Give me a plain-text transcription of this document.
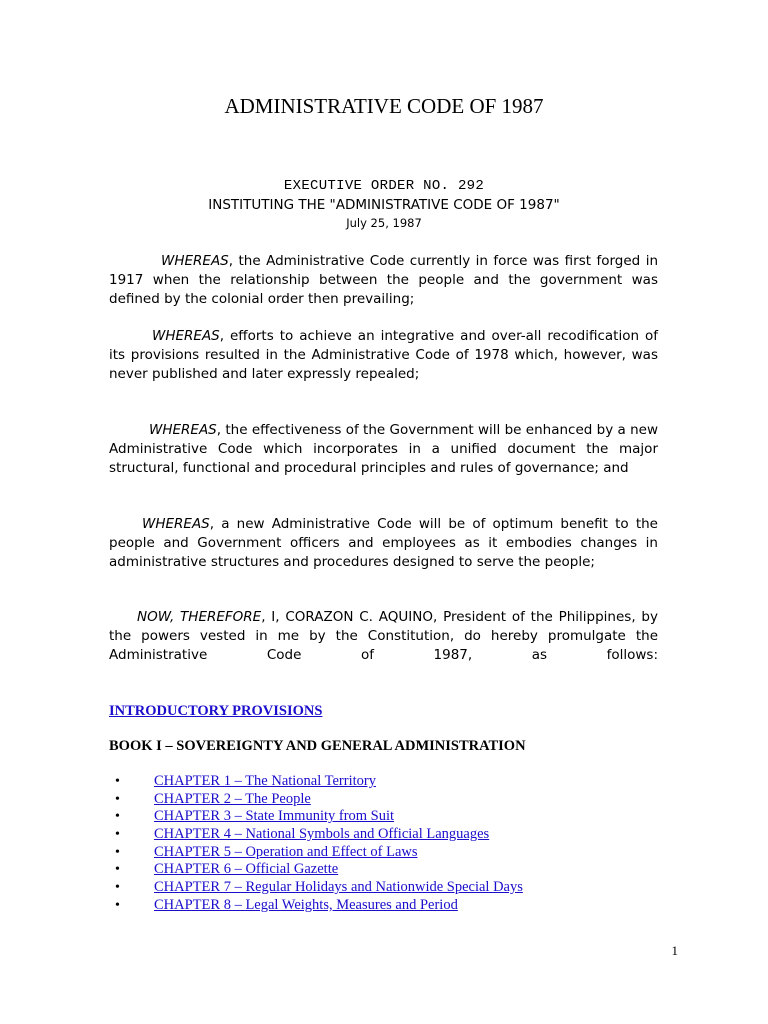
ADMINISTRATIVE CODE OF 1987
EXECUTIVE ORDER NO. 292
INSTITUTING THE "ADMINISTRATIVE CODE OF 1987"
July 25, 1987

WHEREAS, the Administrative Code currently in force was first forged in 1917 when the relationship between the people and the government was defined by the colonial order then prevailing;

WHEREAS, efforts to achieve an integrative and over-all recodification of its provisions resulted in the Administrative Code of 1978 which, however, was never published and later expressly repealed;

WHEREAS, the effectiveness of the Government will be enhanced by a new Administrative Code which incorporates in a unified document the major structural, functional and procedural principles and rules of governance; and

WHEREAS, a new Administrative Code will be of optimum benefit to the people and Government officers and employees as it embodies changes in administrative structures and procedures designed to serve the people;

NOW, THEREFORE, I, CORAZON C. AQUINO, President of the Philippines, by the powers vested in me by the Constitution, do hereby promulgate the Administrative Code of 1987, as follows:

INTRODUCTORY PROVISIONS
BOOK I – SOVEREIGNTY AND GENERAL ADMINISTRATION
• CHAPTER 1 – The National Territory
• CHAPTER 2 – The People
• CHAPTER 3 – State Immunity from Suit
• CHAPTER 4 – National Symbols and Official Languages
• CHAPTER 5 – Operation and Effect of Laws
• CHAPTER 6 – Official Gazette
• CHAPTER 7 – Regular Holidays and Nationwide Special Days
• CHAPTER 8 – Legal Weights, Measures and Period
1
